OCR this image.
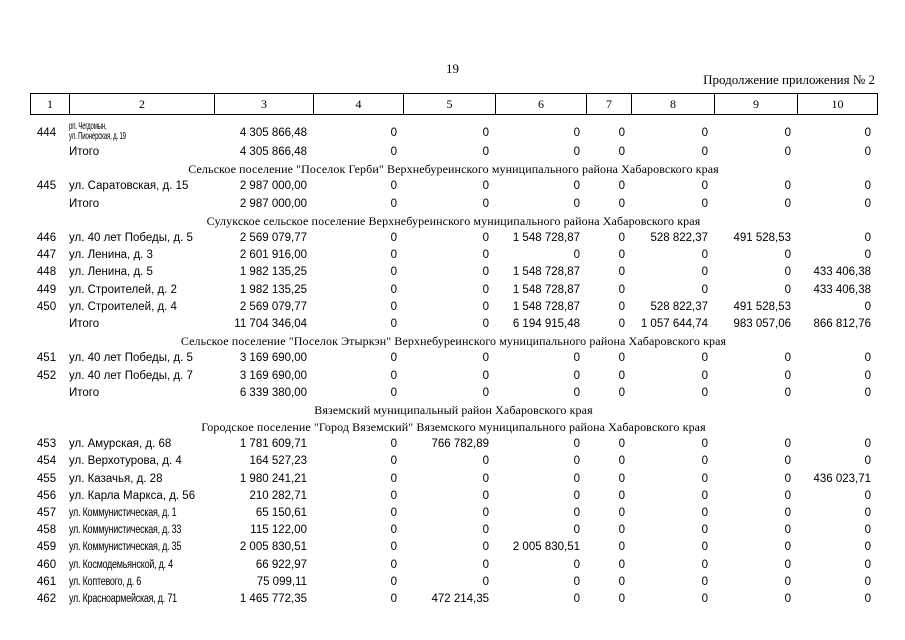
19
Продолжение приложения № 2
1	2	3	4	5	6	7	8	9	10
444	рп. Чегдомын,
ул. Пионерская, д. 19	4 305 866,48	0	0	0	0	0	0	0
	Итого	4 305 866,48	0	0	0	0	0	0	0
Сельское поселение "Поселок Герби" Верхнебуреинского муниципального района Хабаровского края									
445	ул. Саратовская, д. 15	2 987 000,00	0	0	0	0	0	0	0
	Итого	2 987 000,00	0	0	0	0	0	0	0
Сулукское сельское поселение Верхнебуреинского муниципального района Хабаровского края									
446	ул. 40 лет Победы, д. 5	2 569 079,77	0	0	1 548 728,87	0	528 822,37	491 528,53	0
447	ул. Ленина, д. 3	2 601 916,00	0	0	0	0	0	0	0
448	ул. Ленина, д. 5	1 982 135,25	0	0	1 548 728,87	0	0	0	433 406,38
449	ул. Строителей, д. 2	1 982 135,25	0	0	1 548 728,87	0	0	0	433 406,38
450	ул. Строителей, д. 4	2 569 079,77	0	0	1 548 728,87	0	528 822,37	491 528,53	0
	Итого	11 704 346,04	0	0	6 194 915,48	0	1 057 644,74	983 057,06	866 812,76
Сельское поселение "Поселок Этыркэн" Верхнебуреинского муниципального района Хабаровского края									
451	ул. 40 лет Победы, д. 5	3 169 690,00	0	0	0	0	0	0	0
452	ул. 40 лет Победы, д. 7	3 169 690,00	0	0	0	0	0	0	0
	Итого	6 339 380,00	0	0	0	0	0	0	0
Вяземский муниципальный район Хабаровского края									
Городское поселение "Город Вяземский" Вяземского муниципального района Хабаровского края									
453	ул. Амурская, д. 68	1 781 609,71	0	766 782,89	0	0	0	0	0
454	ул. Верхотурова, д. 4	164 527,23	0	0	0	0	0	0	0
455	ул. Казачья, д. 28	1 980 241,21	0	0	0	0	0	0	436 023,71
456	ул. Карла Маркса, д. 56	210 282,71	0	0	0	0	0	0	0
457	ул. Коммунистическая, д. 1	65 150,61	0	0	0	0	0	0	0
458	ул. Коммунистическая, д. 33	115 122,00	0	0	0	0	0	0	0
459	ул. Коммунистическая, д. 35	2 005 830,51	0	0	2 005 830,51	0	0	0	0
460	ул. Космодемьянской, д. 4	66 922,97	0	0	0	0	0	0	0
461	ул. Коптевого, д. 6	75 099,11	0	0	0	0	0	0	0
462	ул. Красноармейская, д. 71	1 465 772,35	0	472 214,35	0	0	0	0	0
